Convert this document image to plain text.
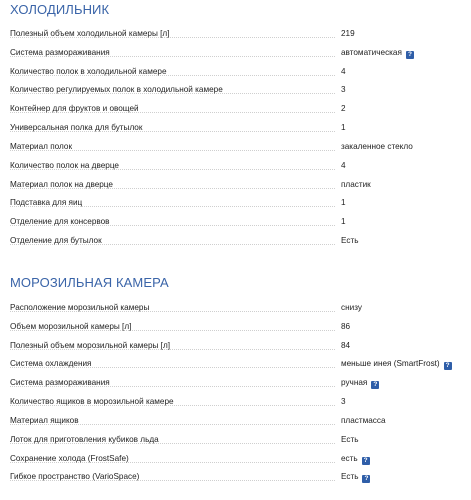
ХОЛОДИЛЬНИК
Полезный объем холодильной камеры [л]	219
Система размораживания	автоматическая ?
Количество полок в холодильной камере	4
Количество регулируемых полок в холодильной камере	3
Контейнер для фруктов и овощей	2
Универсальная полка для бутылок	1
Материал полок	закаленное стекло
Количество полок на дверце	4
Материал полок на дверце	пластик
Подставка для яиц	1
Отделение для консервов	1
Отделение для бутылок	Есть
МОРОЗИЛЬНАЯ КАМЕРА
Расположение морозильной камеры	снизу
Объем морозильной камеры [л]	86
Полезный объем морозильной камеры [л]	84
Система охлаждения	меньше инея (SmartFrost) ?
Система размораживания	ручная ?
Количество ящиков в морозильной камере	3
Материал ящиков	пластмасса
Лоток для приготовления кубиков льда	Есть
Сохранение холода (FrostSafe)	есть ?
Гибкое пространство (VarioSpace)	Есть ?
